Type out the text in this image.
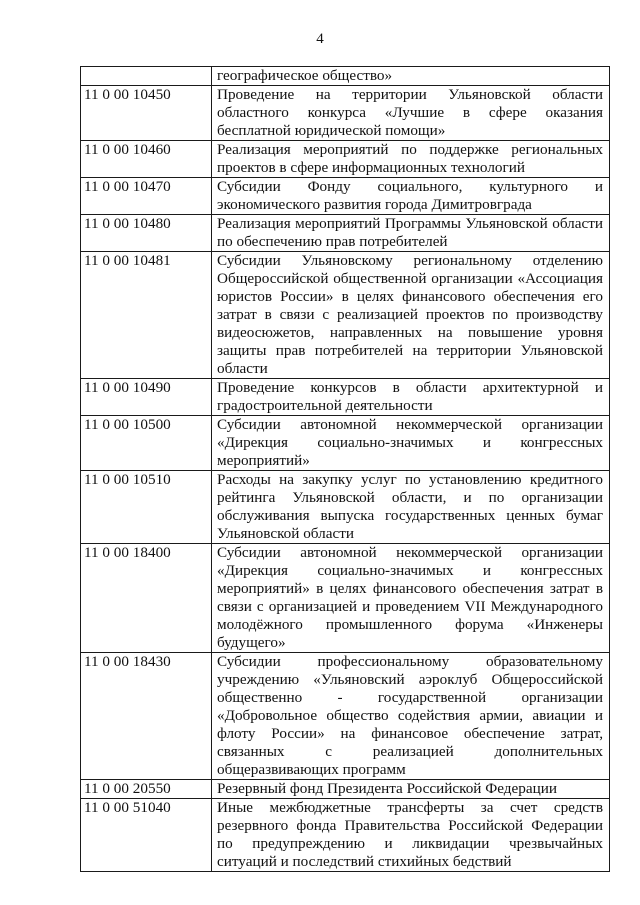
4
	географическое общество»
11 0 00 10450	Проведение на территории Ульяновской области областного конкурса «Лучшие в сфере оказания бесплатной юридической помощи»
11 0 00 10460	Реализация мероприятий по поддержке региональных проектов в сфере информационных технологий
11 0 00 10470	Субсидии Фонду социального, культурного и экономического развития города Димитровграда
11 0 00 10480	Реализация мероприятий Программы Ульяновской области по обеспечению прав потребителей
11 0 00 10481	Субсидии Ульяновскому региональному отделению Общероссийской общественной организации «Ассоциация юристов России» в целях финансового обеспечения его затрат в связи с реализацией проектов по производству видеосюжетов, направленных на повышение уровня защиты прав потребителей на территории Ульяновской области
11 0 00 10490	Проведение конкурсов в области архитектурной и градостроительной деятельности
11 0 00 10500	Субсидии автономной некоммерческой организации «Дирекция социально-значимых и конгрессных мероприятий»
11 0 00 10510	Расходы на закупку услуг по установлению кредитного рейтинга Ульяновской области, и по организации обслуживания выпуска государственных ценных бумаг Ульяновской области
11 0 00 18400	Субсидии автономной некоммерческой организации «Дирекция социально-значимых и конгрессных мероприятий» в целях финансового обеспечения затрат в связи с организацией и проведением VII Международного молодёжного промышленного форума «Инженеры будущего»
11 0 00 18430	Субсидии профессиональному образовательному учреждению «Ульяновский аэроклуб Общероссийской общественно - государственной организации «Добровольное общество содействия армии, авиации и флоту России» на финансовое обеспечение затрат, связанных с реализацией дополнительных общеразвивающих программ
11 0 00 20550	Резервный фонд Президента Российской Федерации
11 0 00 51040	Иные межбюджетные трансферты за счет средств резервного фонда Правительства Российской Федерации по предупреждению и ликвидации чрезвычайных ситуаций и последствий стихийных бедствий
